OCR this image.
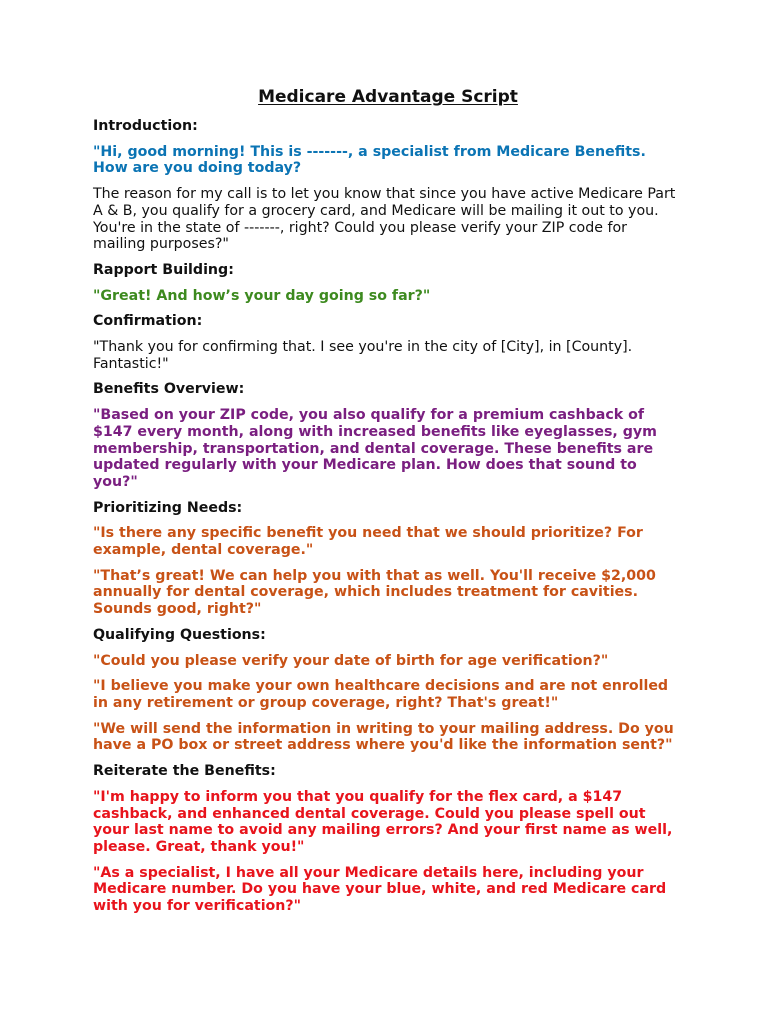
Medicare Advantage Script
Introduction:

"Hi, good morning! This is -------, a specialist from Medicare Benefits. How are you doing today?

The reason for my call is to let you know that since you have active Medicare Part A & B, you qualify for a grocery card, and Medicare will be mailing it out to you. You're in the state of -------, right? Could you please verify your ZIP code for mailing purposes?"

Rapport Building:

"Great! And how’s your day going so far?"

Confirmation:

"Thank you for confirming that. I see you're in the city of [City], in [County]. Fantastic!"

Benefits Overview:

"Based on your ZIP code, you also qualify for a premium cashback of $147 every month, along with increased benefits like eyeglasses, gym membership, transportation, and dental coverage. These benefits are updated regularly with your Medicare plan. How does that sound to you?"

Prioritizing Needs:

"Is there any specific benefit you need that we should prioritize? For example, dental coverage."

"That’s great! We can help you with that as well. You'll receive $2,000 annually for dental coverage, which includes treatment for cavities. Sounds good, right?"

Qualifying Questions:

"Could you please verify your date of birth for age verification?"

"I believe you make your own healthcare decisions and are not enrolled in any retirement or group coverage, right? That's great!"

"We will send the information in writing to your mailing address. Do you have a PO box or street address where you'd like the information sent?"

Reiterate the Benefits:

"I'm happy to inform you that you qualify for the flex card, a $147 cashback, and enhanced dental coverage. Could you please spell out your last name to avoid any mailing errors? And your first name as well, please. Great, thank you!"

"As a specialist, I have all your Medicare details here, including your Medicare number. Do you have your blue, white, and red Medicare card with you for verification?"
